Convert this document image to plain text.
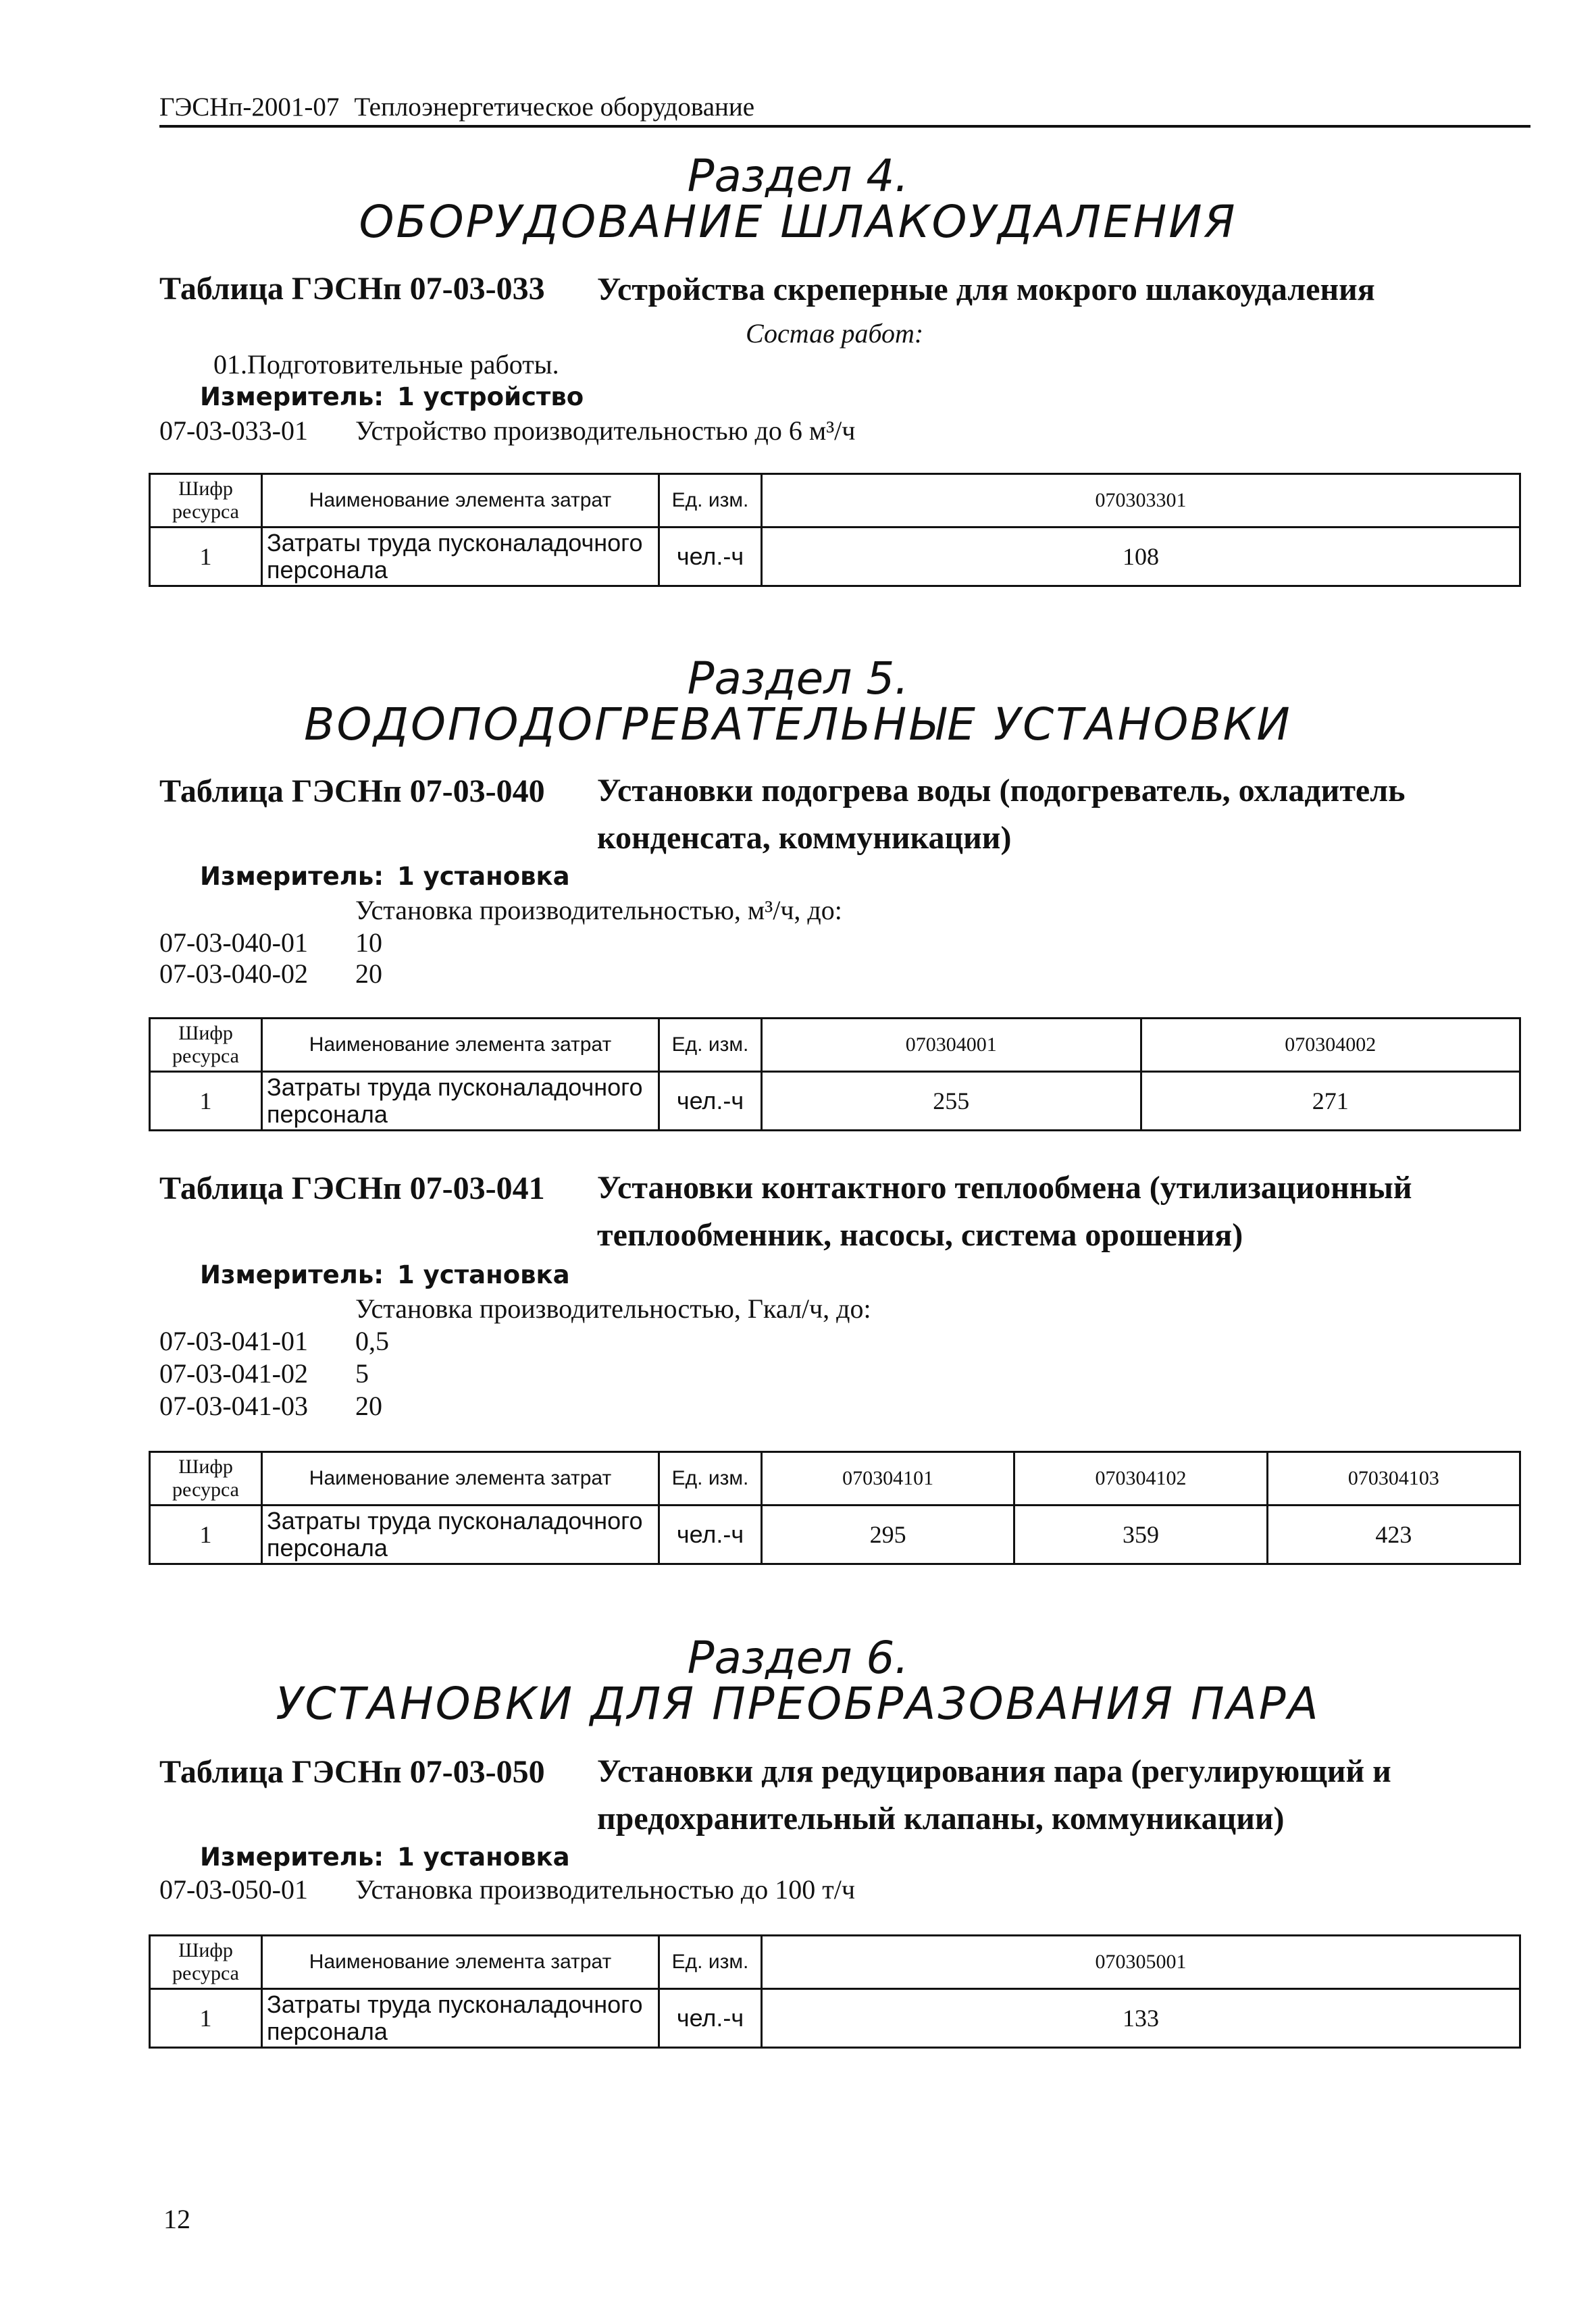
ГЭСНп-2001-07 Теплоэнергетическое оборудование
Раздел 4.
ОБОРУДОВАНИЕ ШЛАКОУДАЛЕНИЯ
Таблица ГЭСНп 07-03-033 Устройства скреперные для мокрого шлакоудаления
Состав работ:
01.Подготовительные работы.
Измеритель: 1 устройство
07-03-033-01 Устройство производительностью до 6 м³/ч
Шифр ресурса	Наименование элемента затрат	Ед. изм.	070303301
1	Затраты труда пусконаладочного персонала	чел.-ч	108
Раздел 5.
ВОДОПОДОГРЕВАТЕЛЬНЫЕ УСТАНОВКИ
Таблица ГЭСНп 07-03-040 Установки подогрева воды (подогреватель, охладитель конденсата, коммуникации)
Измеритель: 1 установка
Установка производительностью, м³/ч, до:
07-03-040-01 10
07-03-040-02 20
Шифр ресурса	Наименование элемента затрат	Ед. изм.	070304001	070304002
1	Затраты труда пусконаладочного персонала	чел.-ч	255	271
Таблица ГЭСНп 07-03-041 Установки контактного теплообмена (утилизационный теплообменник, насосы, система орошения)
Измеритель: 1 установка
Установка производительностью, Гкал/ч, до:
07-03-041-01 0,5
07-03-041-02 5
07-03-041-03 20
Шифр ресурса	Наименование элемента затрат	Ед. изм.	070304101	070304102	070304103
1	Затраты труда пусконаладочного персонала	чел.-ч	295	359	423
Раздел 6.
УСТАНОВКИ ДЛЯ ПРЕОБРАЗОВАНИЯ ПАРА
Таблица ГЭСНп 07-03-050 Установки для редуцирования пара (регулирующий и предохранительный клапаны, коммуникации)
Измеритель: 1 установка
07-03-050-01 Установка производительностью до 100 т/ч
Шифр ресурса	Наименование элемента затрат	Ед. изм.	070305001
1	Затраты труда пусконаладочного персонала	чел.-ч	133
12
